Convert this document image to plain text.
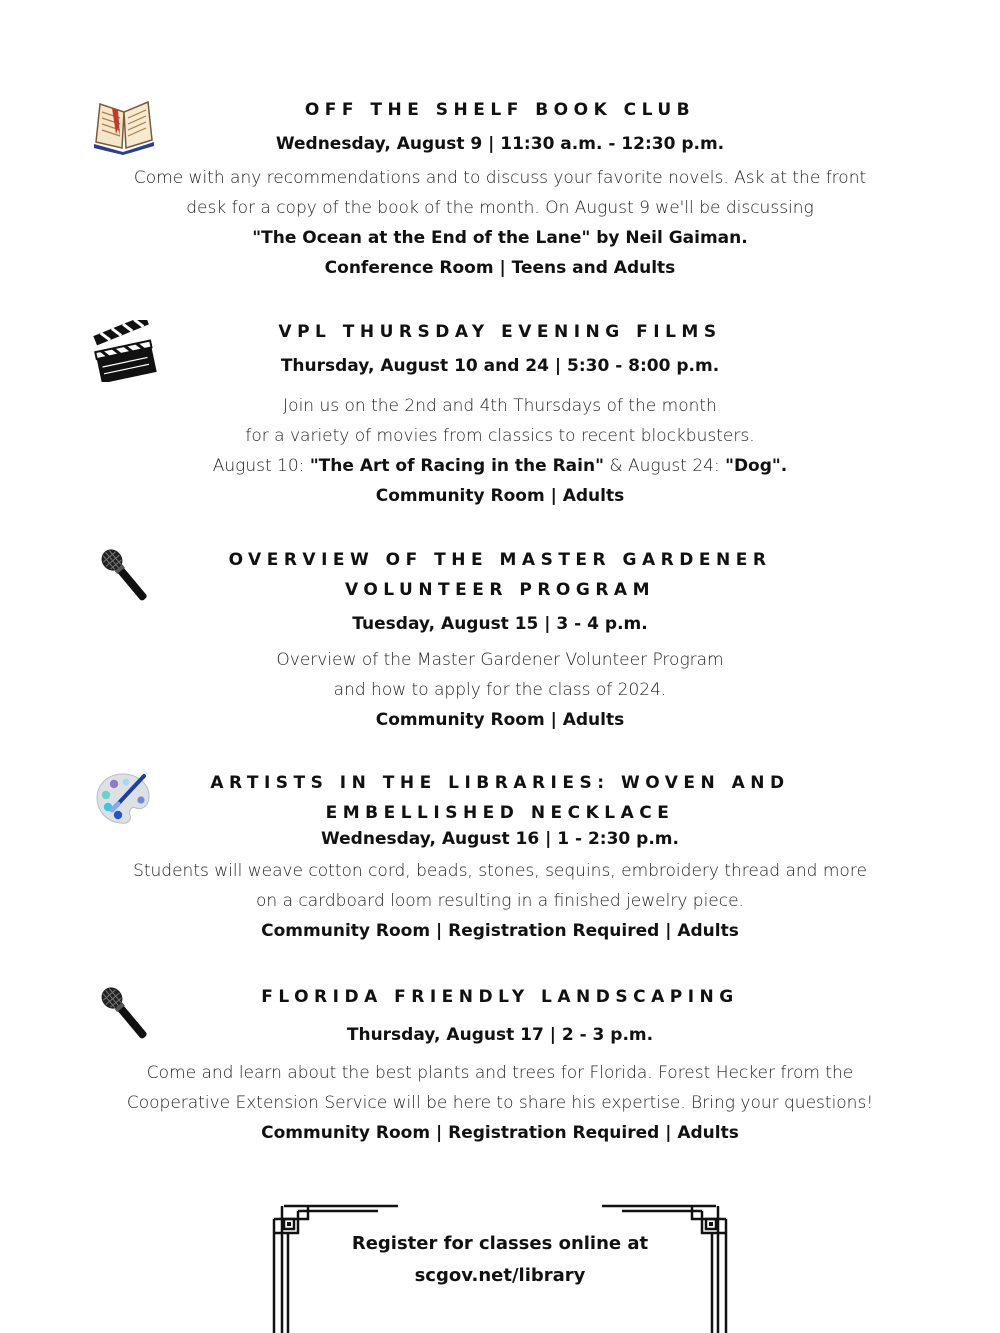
OFF THE SHELF BOOK CLUB
Wednesday, August 9 | 11:30 a.m. - 12:30 p.m.
Come with any recommendations and to discuss your favorite novels. Ask at the front
desk for a copy of the book of the month. On August 9 we'll be discussing
"The Ocean at the End of the Lane" by Neil Gaiman.
Conference Room | Teens and Adults
VPL THURSDAY EVENING FILMS
Thursday, August 10 and 24 | 5:30 - 8:00 p.m.
Join us on the 2nd and 4th Thursdays of the month
for a variety of movies from classics to recent blockbusters.
August 10: "The Art of Racing in the Rain" & August 24: "Dog".
Community Room | Adults
OVERVIEW OF THE MASTER GARDENER
VOLUNTEER PROGRAM
Tuesday, August 15 | 3 - 4 p.m.
Overview of the Master Gardener Volunteer Program
and how to apply for the class of 2024.
Community Room | Adults
ARTISTS IN THE LIBRARIES: WOVEN AND
EMBELLISHED NECKLACE
Wednesday, August 16 | 1 - 2:30 p.m.
Students will weave cotton cord, beads, stones, sequins, embroidery thread and more
on a cardboard loom resulting in a finished jewelry piece.
Community Room | Registration Required | Adults
FLORIDA FRIENDLY LANDSCAPING
Thursday, August 17 | 2 - 3 p.m.
Come and learn about the best plants and trees for Florida. Forest Hecker from the
Cooperative Extension Service will be here to share his expertise. Bring your questions!
Community Room | Registration Required | Adults
Register for classes online at
scgov.net/library
